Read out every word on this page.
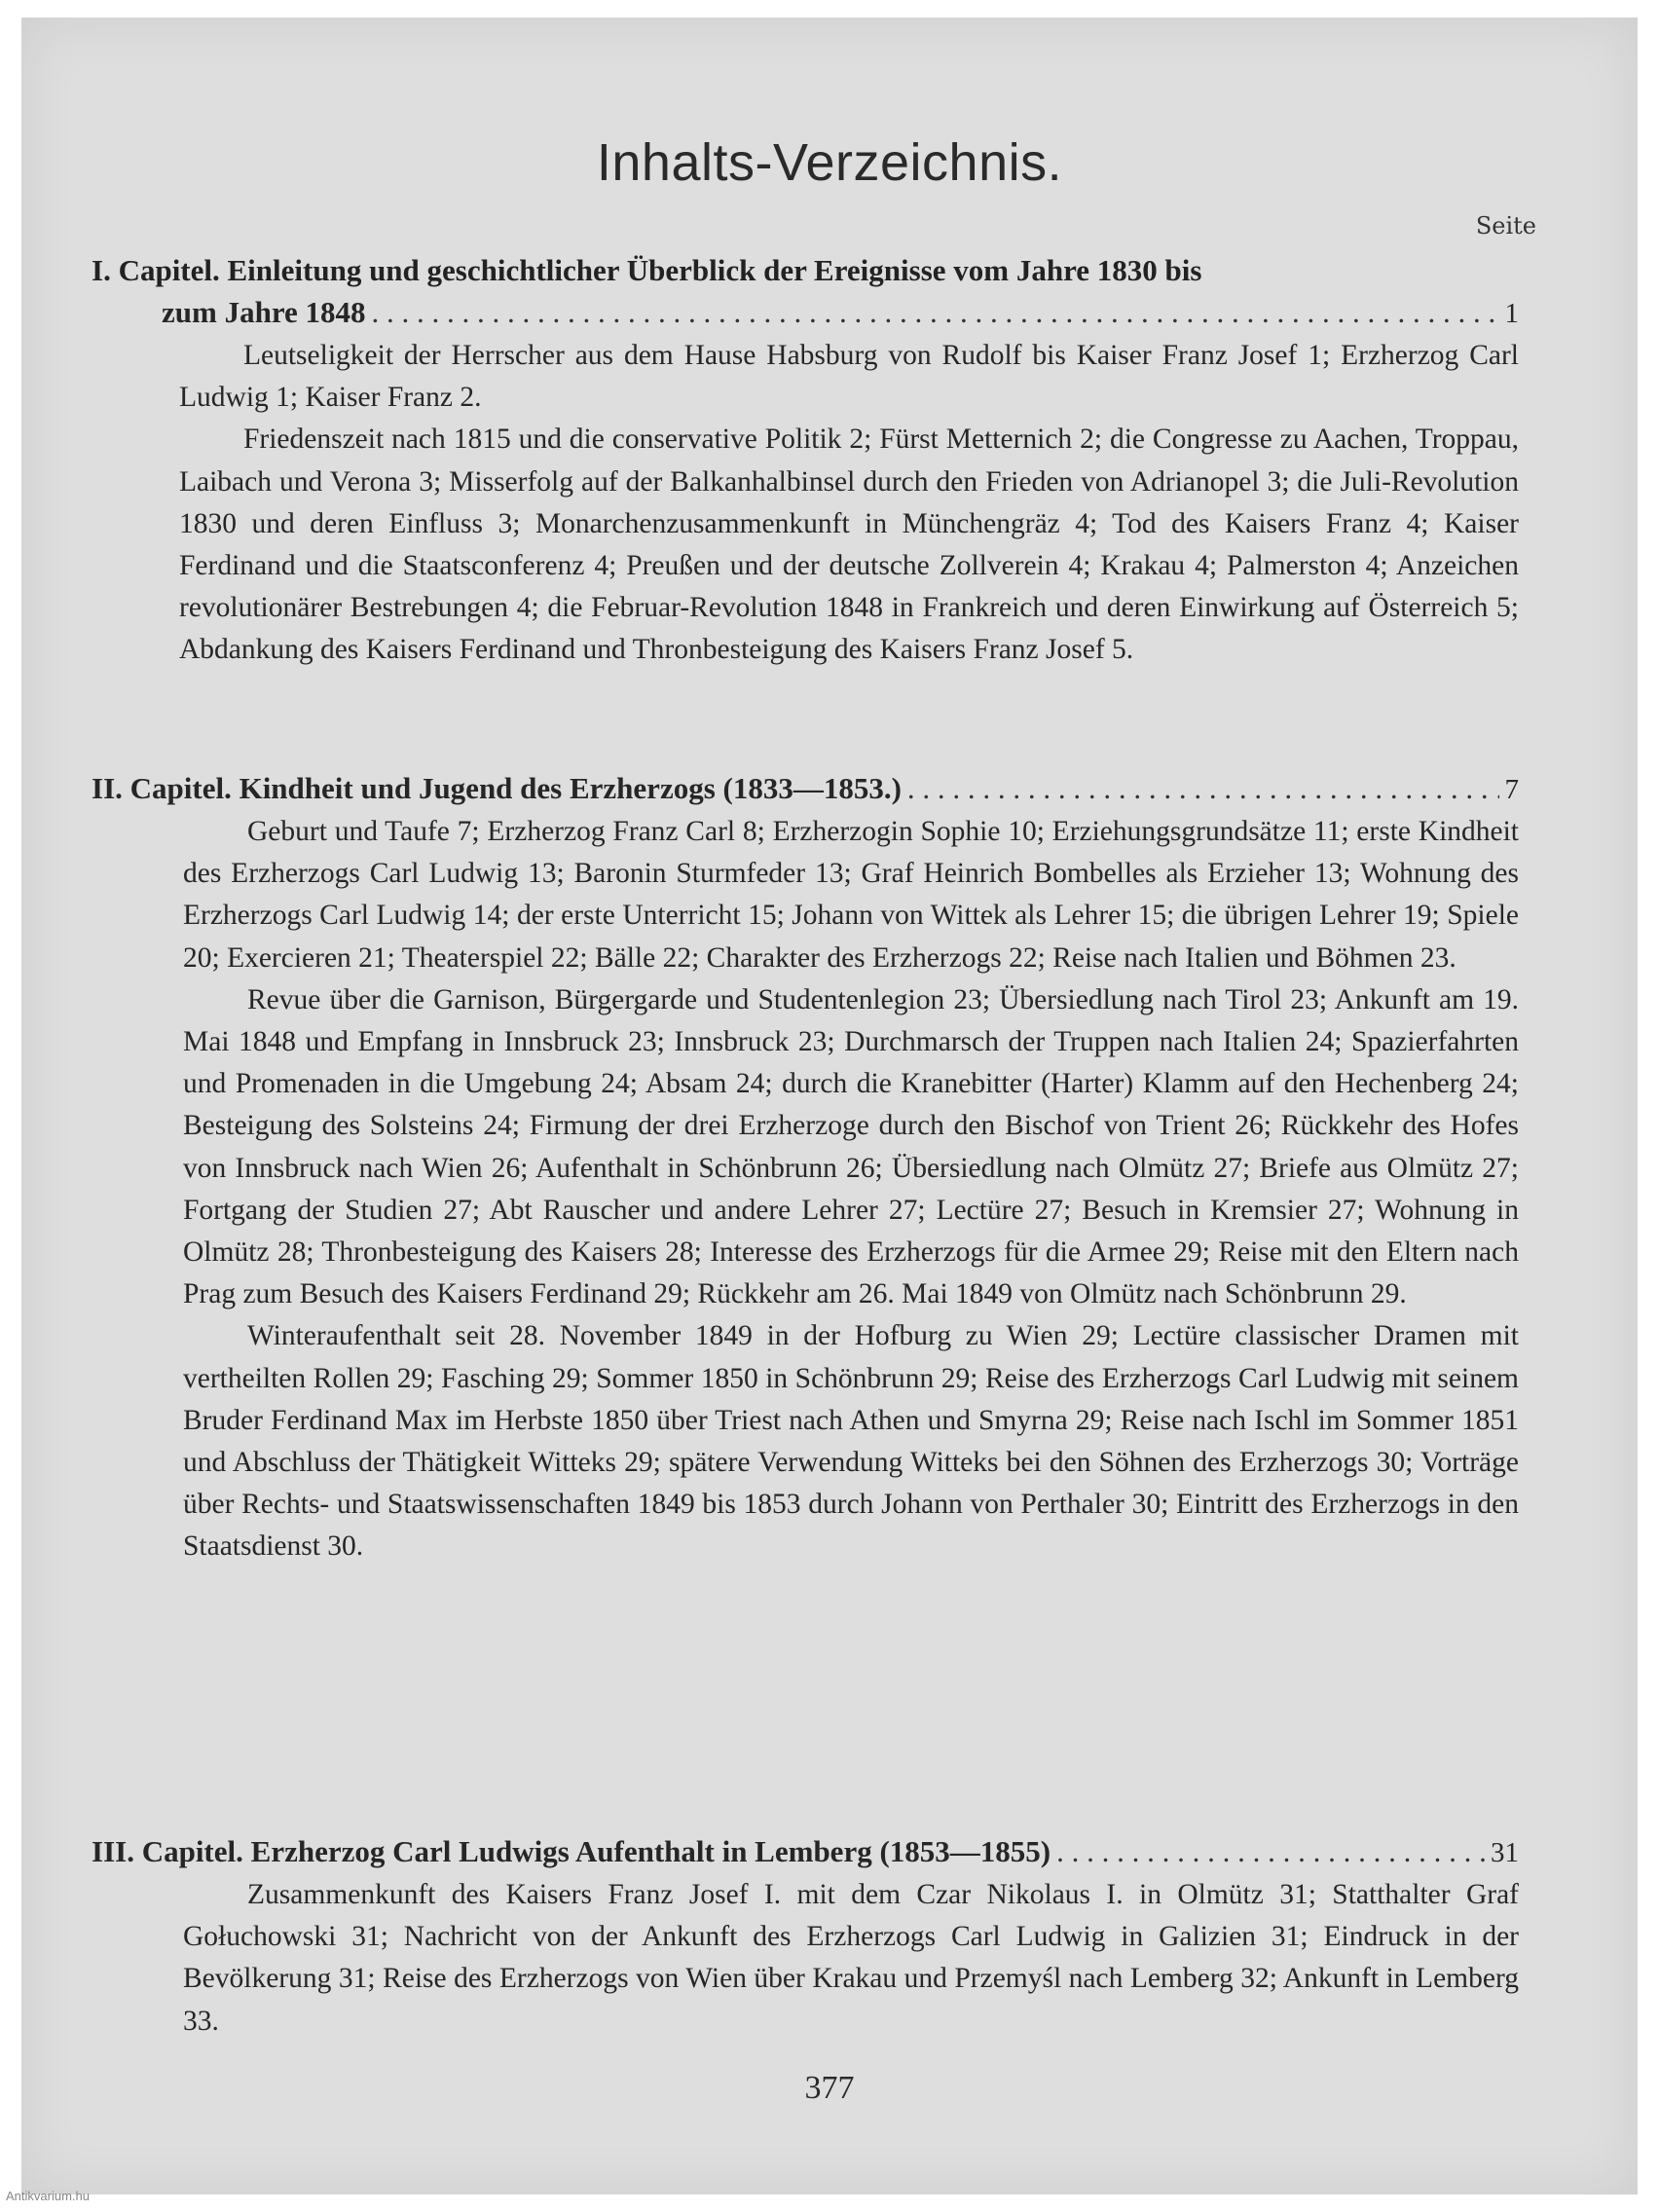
Inhalts-Verzeichnis.
Seite
I. Capitel. Einleitung und geschichtlicher Überblick der Ereignisse vom Jahre 1830 bis
zum Jahre 1848 . . .	1

Leutseligkeit der Herrscher aus dem Hause Habsburg von Rudolf bis Kaiser Franz Josef 1; Erzherzog Carl Ludwig 1; Kaiser Franz 2.

Friedenszeit nach 1815 und die conservative Politik 2; Fürst Metternich 2; die Congresse zu Aachen, Troppau, Laibach und Verona 3; Misserfolg auf der Balkanhalbinsel durch den Frieden von Adrianopel 3; die Juli-Revolution 1830 und deren Einfluss 3; Monarchenzusammenkunft in Münchengräz 4; Tod des Kaisers Franz 4; Kaiser Ferdinand und die Staatsconferenz 4; Preußen und der deutsche Zollverein 4; Krakau 4; Palmerston 4; Anzeichen revolutionärer Bestrebungen 4; die Februar-Revolution 1848 in Frankreich und deren Einwirkung auf Österreich 5; Abdankung des Kaisers Ferdinand und Thronbesteigung des Kaisers Franz Josef 5.

II. Capitel.
Kindheit und Jugend des Erzherzogs (1833—1853.) . . .	7

Geburt und Taufe 7; Erzherzog Franz Carl 8; Erzherzogin Sophie 10; Erziehungsgrundsätze 11; erste Kindheit des Erzherzogs Carl Ludwig 13; Baronin Sturmfeder 13; Graf Heinrich Bombelles als Erzieher 13; Wohnung des Erzherzogs Carl Ludwig 14; der erste Unterricht 15; Johann von Wittek als Lehrer 15; die übrigen Lehrer 19; Spiele 20; Exercieren 21; Theaterspiel 22; Bälle 22; Charakter des Erzherzogs 22; Reise nach Italien und Böhmen 23.

Revue über die Garnison, Bürgergarde und Studentenlegion 23; Übersiedlung nach Tirol 23; Ankunft am 19. Mai 1848 und Empfang in Innsbruck 23; Innsbruck 23; Durchmarsch der Truppen nach Italien 24; Spazierfahrten und Promenaden in die Umgebung 24; Absam 24; durch die Kranebitter (Harter) Klamm auf den Hechenberg 24; Besteigung des Solsteins 24; Firmung der drei Erzherzoge durch den Bischof von Trient 26; Rückkehr des Hofes von Innsbruck nach Wien 26; Aufenthalt in Schönbrunn 26; Übersiedlung nach Olmütz 27; Briefe aus Olmütz 27; Fortgang der Studien 27; Abt Rauscher und andere Lehrer 27; Lectüre 27; Besuch in Kremsier 27; Wohnung in Olmütz 28; Thronbesteigung des Kaisers 28; Interesse des Erzherzogs für die Armee 29; Reise mit den Eltern nach Prag zum Besuch des Kaisers Ferdinand 29; Rückkehr am 26. Mai 1849 von Olmütz nach Schönbrunn 29.

Winteraufenthalt seit 28. November 1849 in der Hofburg zu Wien 29; Lectüre classischer Dramen mit vertheilten Rollen 29; Fasching 29; Sommer 1850 in Schönbrunn 29; Reise des Erzherzogs Carl Ludwig mit seinem Bruder Ferdinand Max im Herbste 1850 über Triest nach Athen und Smyrna 29; Reise nach Ischl im Sommer 1851 und Abschluss der Thätigkeit Witteks 29; spätere Verwendung Witteks bei den Söhnen des Erzherzogs 30; Vorträge über Rechts- und Staatswissenschaften 1849 bis 1853 durch Johann von Perthaler 30; Eintritt des Erzherzogs in den Staatsdienst 30.

III. Capitel.
Erzherzog Carl Ludwigs Aufenthalt in Lemberg (1853—1855) . . .	31

Zusammenkunft des Kaisers Franz Josef I. mit dem Czar Nikolaus I. in Olmütz 31; Statthalter Graf Gołuchowski 31; Nachricht von der Ankunft des Erzherzogs Carl Ludwig in Galizien 31; Eindruck in der Bevölkerung 31; Reise des Erzherzogs von Wien über Krakau und Przemyśl nach Lemberg 32; Ankunft in Lemberg 33.

377
Antikvarium.hu
